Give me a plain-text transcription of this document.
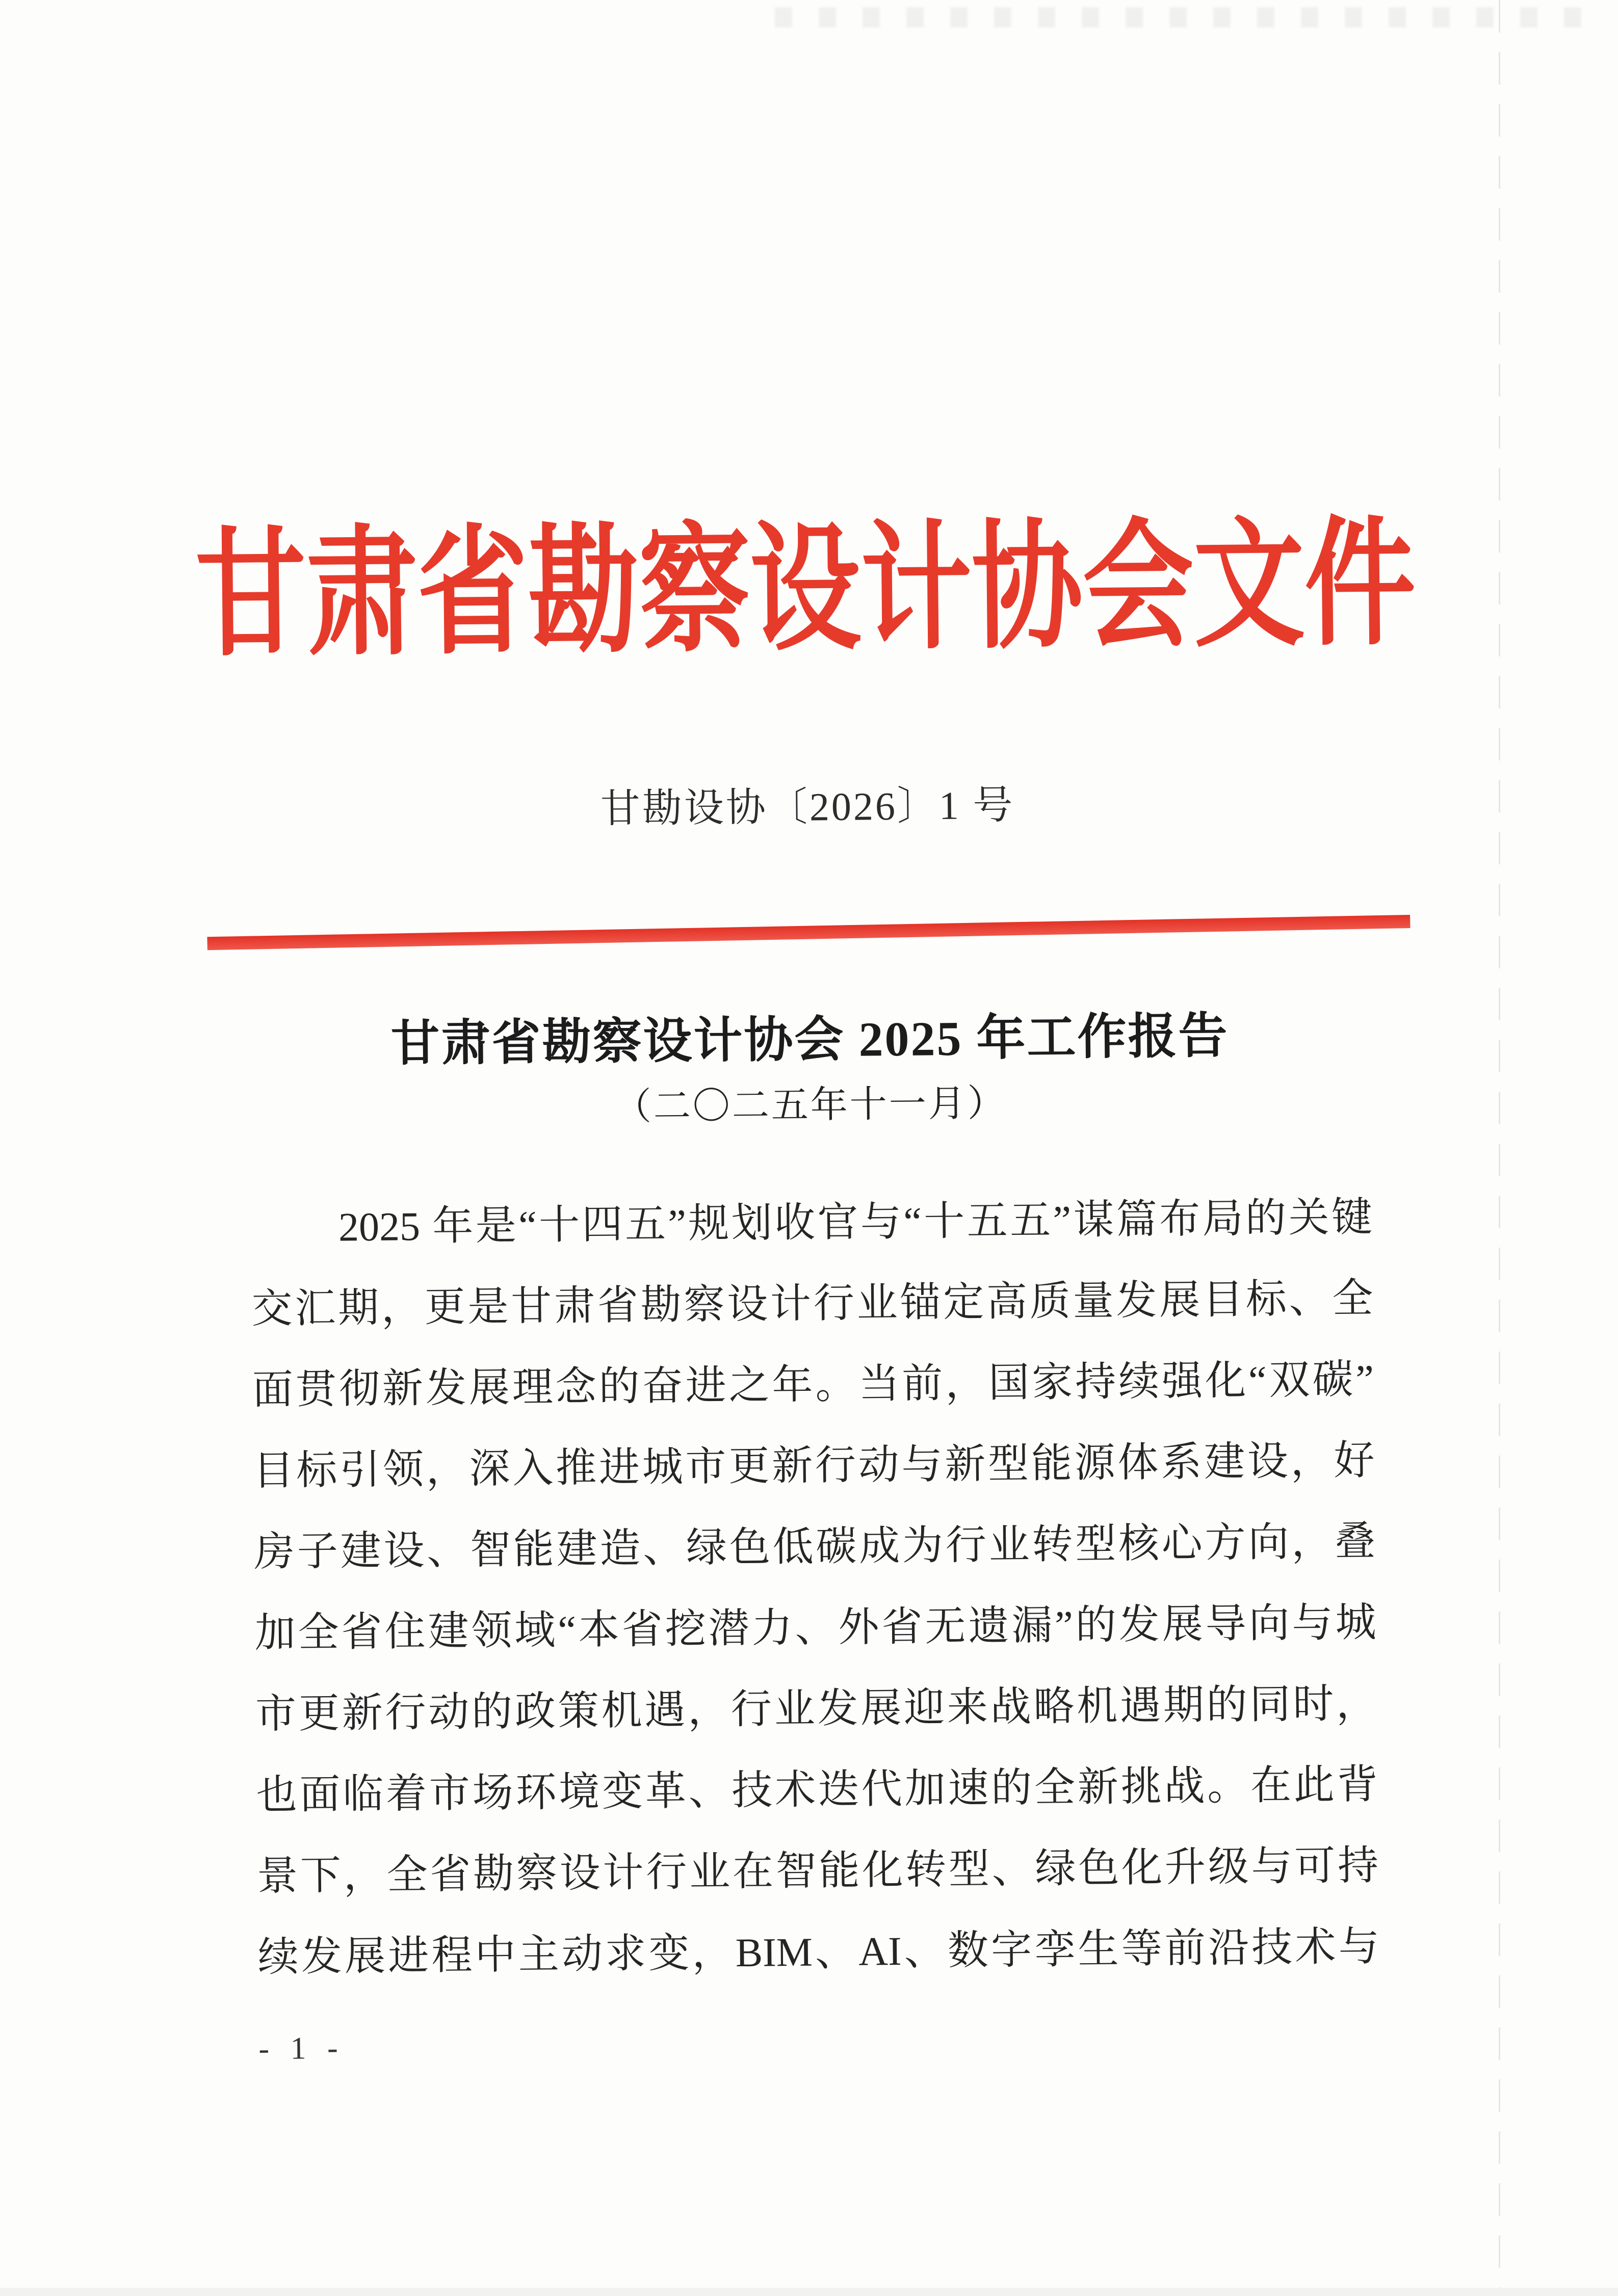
甘肃省勘察设计协会文件
甘勘设协〔2026〕1 号
甘肃省勘察设计协会 2025 年工作报告
（二〇二五年十一月）
2025 年是“十四五”规划收官与“十五五”谋篇布局的关键
交汇期，更是甘肃省勘察设计行业锚定高质量发展目标、全
面贯彻新发展理念的奋进之年。当前，国家持续强化“双碳”
目标引领，深入推进城市更新行动与新型能源体系建设，好
房子建设、智能建造、绿色低碳成为行业转型核心方向，叠
加全省住建领域“本省挖潜力、外省无遗漏”的发展导向与城
市更新行动的政策机遇，行业发展迎来战略机遇期的同时，
也面临着市场环境变革、技术迭代加速的全新挑战。在此背
景下，全省勘察设计行业在智能化转型、绿色化升级与可持
续发展进程中主动求变，BIM、AI、数字孪生等前沿技术与
- 1 -
